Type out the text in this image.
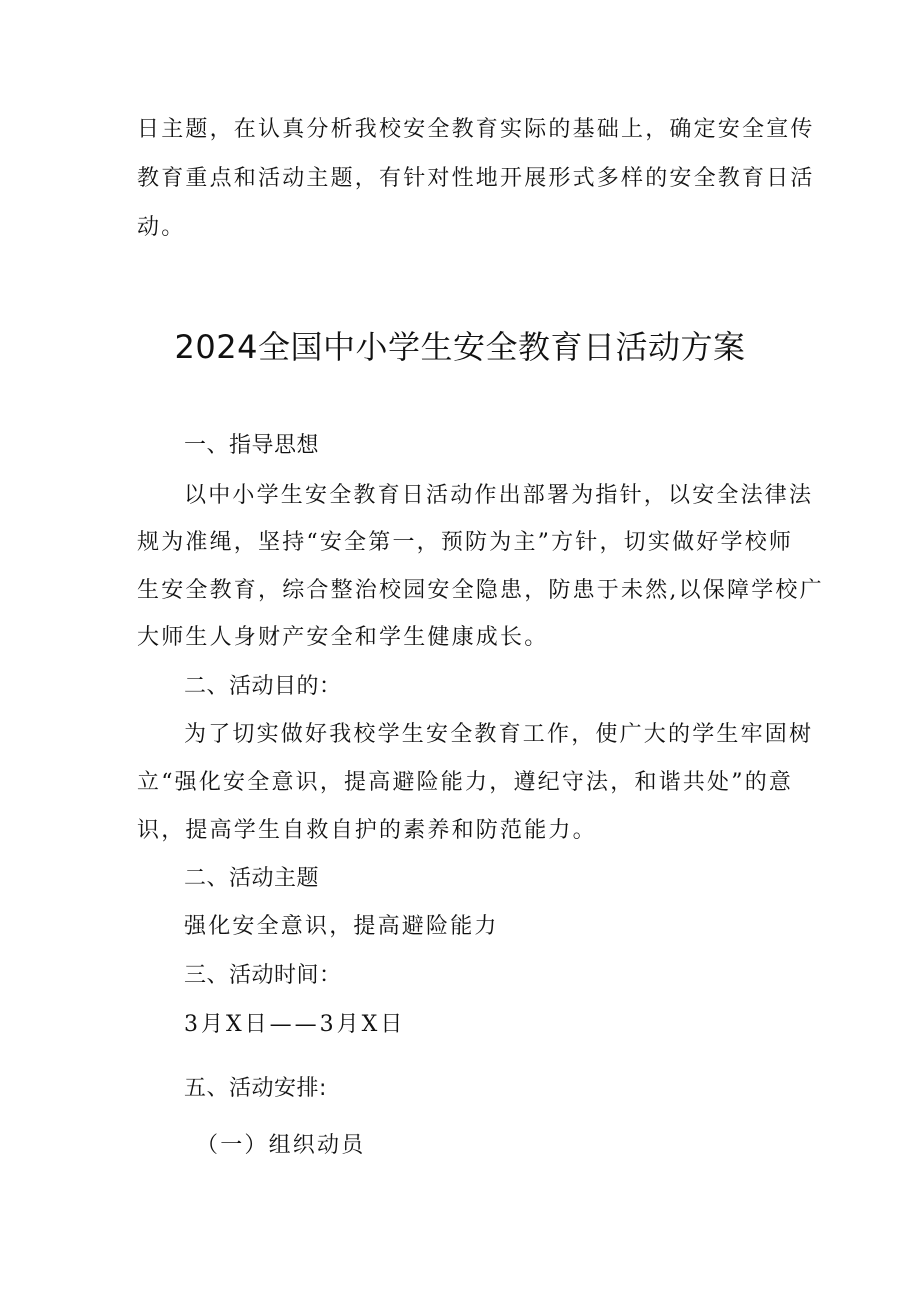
日主题，在认真分析我校安全教育实际的基础上，确定安全宣传
教育重点和活动主题，有针对性地开展形式多样的安全教育日活
动。
2024全国中小学生安全教育日活动方案
一、指导思想
以中小学生安全教育日活动作出部署为指针，以安全法律法
规为准绳，坚持“安全第一，预防为主”方针，切实做好学校师
生安全教育，综合整治校园安全隐患，防患于未然,以保障学校广
大师生人身财产安全和学生健康成长。
二、活动目的：
为了切实做好我校学生安全教育工作，使广大的学生牢固树
立“强化安全意识，提高避险能力，遵纪守法，和谐共处”的意
识，提高学生自救自护的素养和防范能力。
二、活动主题
强化安全意识，提高避险能力
三、活动时间：
3月X日——3月X日
五、活动安排:
（一）组织动员
